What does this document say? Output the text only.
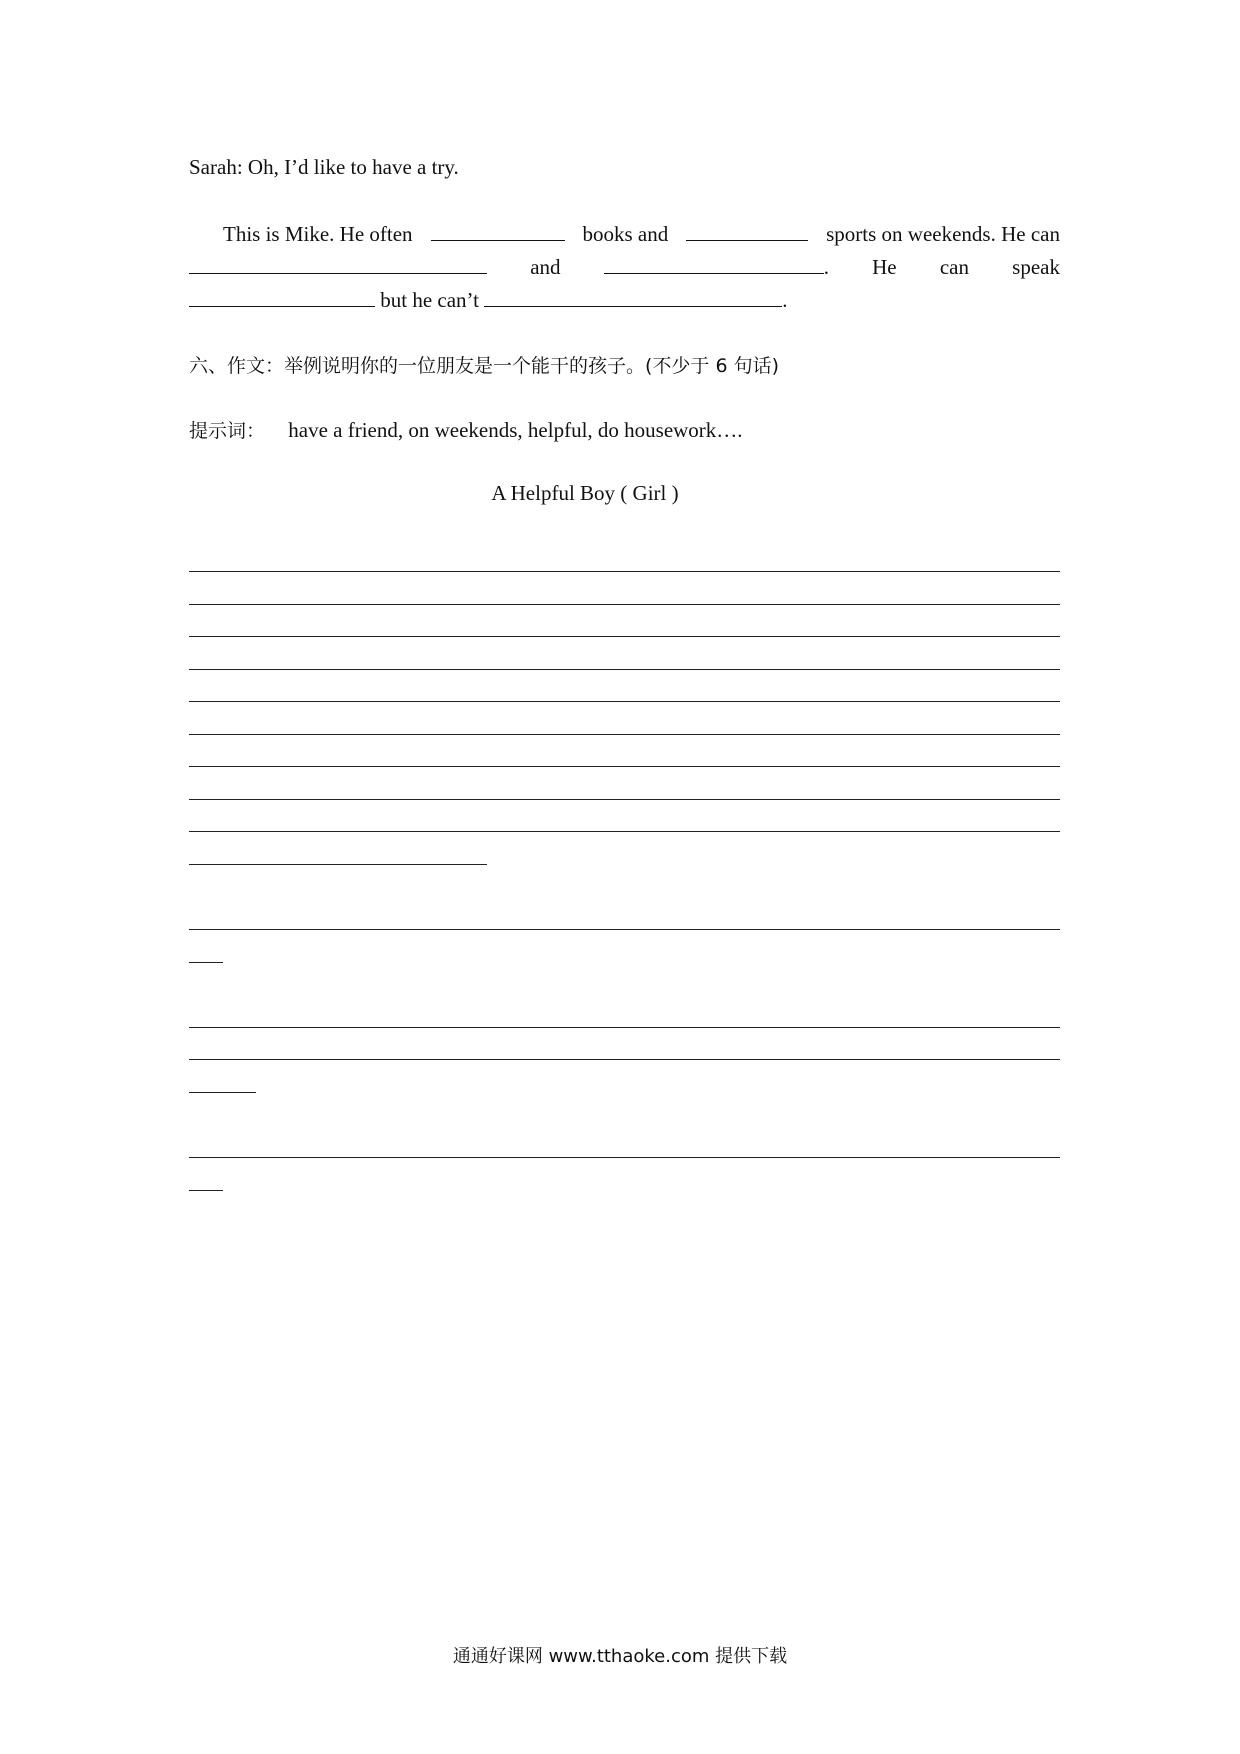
Sarah: Oh, I’d like to have a try.
This is Mike. He often	books and	sports on weekends. He can
and	. He can speak
but he can’t	.
六、作文：举例说明你的一位朋友是一个能干的孩子。(不少于 6 句话)
提示词： have a friend, on weekends, helpful, do housework….
A Helpful Boy ( Girl )
通通好课网 www.tthaoke.com 提供下载
